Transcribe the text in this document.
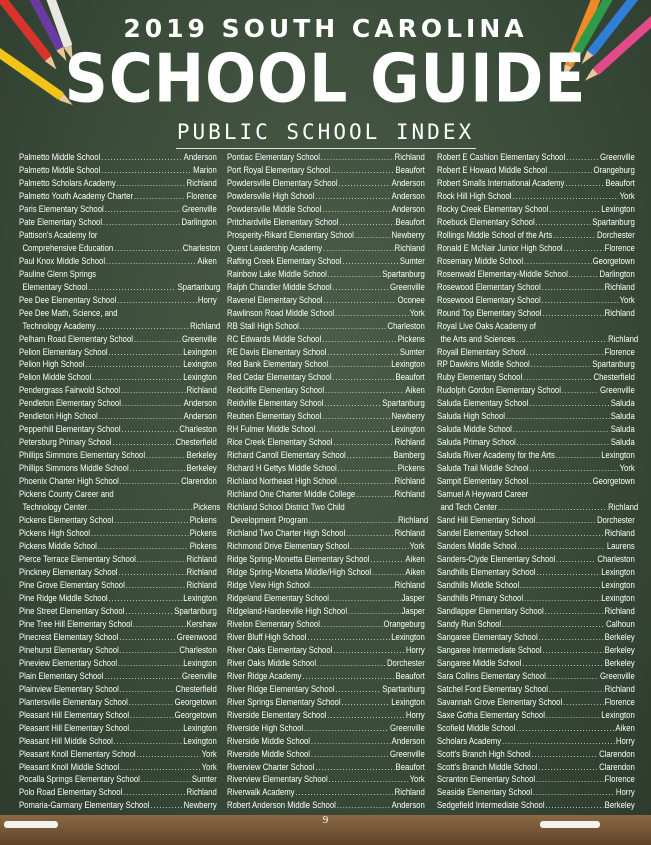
2019 SOUTH CAROLINA
SCHOOL GUIDE
PUBLIC SCHOOL INDEX
Palmetto Middle School .....	Anderson
Palmetto Middle School .....	Marion
Palmetto Scholars Academy .....	Richland
Palmetto Youth Academy Charter .....	Florence
Paris Elementary School .....	Greenville
Pate Elementary School .....	Darlington
Pattison's Academy for
Comprehensive Education .....	Charleston
Paul Knox Middle School .....	Aiken
Pauline Glenn Springs
Elementary School .....	Spartanburg
Pee Dee Elementary School .....	Horry
Pee Dee Math, Science, and
Technology Academy .....	Richland
Pelham Road Elementary School .....	Greenville
Pelion Elementary School .....	Lexington
Pelion High School .....	Lexington
Pelion Middle School .....	Lexington
Pendergrass Fairwold School .....	Richland
Pendleton Elementary School .....	Anderson
Pendleton High School .....	Anderson
Pepperhill Elementary School .....	Charleston
Petersburg Primary School .....	Chesterfield
Phillips Simmons Elementary School .....	Berkeley
Phillips Simmons Middle School .....	Berkeley
Phoenix Charter High School .....	Clarendon
Pickens County Career and
Technology Center .....	Pickens
Pickens Elementary School .....	Pickens
Pickens High School .....	Pickens
Pickens Middle School .....	Pickens
Pierce Terrace Elementary School .....	Richland
Pinckney Elementary School .....	Richland
Pine Grove Elementary School .....	Richland
Pine Ridge Middle School .....	Lexington
Pine Street Elementary School .....	Spartanburg
Pine Tree Hill Elementary School .....	Kershaw
Pinecrest Elementary School .....	Greenwood
Pinehurst Elementary School .....	Charleston
Pineview Elementary School .....	Lexington
Plain Elementary School .....	Greenville
Plainview Elementary School .....	Chesterfield
Plantersville Elementary School .....	Georgetown
Pleasant Hill Elementary School .....	Georgetown
Pleasant Hill Elementary School .....	Lexington
Pleasant Hill Middle School .....	Lexington
Pleasant Knoll Elementary School .....	York
Pleasant Knoll Middle School .....	York
Pocalla Springs Elementary School .....	Sumter
Polo Road Elementary School .....	Richland
Pomaria-Garmany Elementary School .....	Newberry
Pontiac Elementary School .....	Richland
Port Royal Elementary School .....	Beaufort
Powdersville Elementary School .....	Anderson
Powdersville High School .....	Anderson
Powdersville Middle School .....	Anderson
Pritchardville Elementary School .....	Beaufort
Prosperity-Rikard Elementary School .....	Newberry
Quest Leadership Academy .....	Richland
Rafting Creek Elementary School .....	Sumter
Rainbow Lake Middle School .....	Spartanburg
Ralph Chandler Middle School .....	Greenville
Ravenel Elementary School .....	Oconee
Rawlinson Road Middle School .....	York
RB Stall High School .....	Charleston
RC Edwards Middle School .....	Pickens
RE Davis Elementary School .....	Sumter
Red Bank Elementary School .....	Lexington
Red Cedar Elementary School .....	Beaufort
Redcliffe Elementary School .....	Aiken
Reidville Elementary School .....	Spartanburg
Reuben Elementary School .....	Newberry
RH Fulmer Middle School .....	Lexington
Rice Creek Elementary School .....	Richland
Richard Carroll Elementary School .....	Bamberg
Richard H Gettys Middle School .....	Pickens
Richland Northeast High School .....	Richland
Richland One Charter Middle College .....	Richland
Richland School District Two Child
Development Program .....	Richland
Richland Two Charter High School .....	Richland
Richmond Drive Elementary School .....	York
Ridge Spring-Monetta Elementary School .....	Aiken
Ridge Spring-Monetta Middle/High School .....	Aiken
Ridge View High School .....	Richland
Ridgeland Elementary School .....	Jasper
Ridgeland-Hardeeville High School .....	Jasper
Rivelon Elementary School .....	Orangeburg
River Bluff High School .....	Lexington
River Oaks Elementary School .....	Horry
River Oaks Middle School .....	Dorchester
River Ridge Academy .....	Beaufort
River Ridge Elementary School .....	Spartanburg
River Springs Elementary School .....	Lexington
Riverside Elementary School .....	Horry
Riverside High School .....	Greenville
Riverside Middle School .....	Anderson
Riverside Middle School .....	Greenville
Riverview Charter School .....	Beaufort
Riverview Elementary School .....	York
Riverwalk Academy .....	Richland
Robert Anderson Middle School .....	Anderson
Robert E Cashion Elementary School .....	Greenville
Robert E Howard Middle School .....	Orangeburg
Robert Smalls International Academy .....	Beaufort
Rock Hill High School .....	York
Rocky Creek Elementary School .....	Lexington
Roebuck Elementary School .....	Spartanburg
Rollings Middle School of the Arts .....	Dorchester
Ronald E McNair Junior High School .....	Florence
Rosemary Middle School .....	Georgetown
Rosenwald Elementary-Middle School .....	Darlington
Rosewood Elementary School .....	Richland
Rosewood Elementary School .....	York
Round Top Elementary School .....	Richland
Royal Live Oaks Academy of
the Arts and Sciences .....	Richland
Royall Elementary School .....	Florence
RP Dawkins Middle School .....	Spartanburg
Ruby Elementary School .....	Chesterfield
Rudolph Gordon Elementary School .....	Greenville
Saluda Elementary School .....	Saluda
Saluda High School .....	Saluda
Saluda Middle School .....	Saluda
Saluda Primary School .....	Saluda
Saluda River Academy for the Arts .....	Lexington
Saluda Trail Middle School .....	York
Sampit Elementary School .....	Georgetown
Samuel A Heyward Career
and Tech Center .....	Richland
Sand Hill Elementary School .....	Dorchester
Sandel Elementary School .....	Richland
Sanders Middle School .....	Laurens
Sanders-Clyde Elementary School .....	Charleston
Sandhills Elementary School .....	Lexington
Sandhills Middle School .....	Lexington
Sandhills Primary School .....	Lexington
Sandlapper Elementary School .....	Richland
Sandy Run School .....	Calhoun
Sangaree Elementary School .....	Berkeley
Sangaree Intermediate School .....	Berkeley
Sangaree Middle School .....	Berkeley
Sara Collins Elementary School .....	Greenville
Satchel Ford Elementary School .....	Richland
Savannah Grove Elementary School .....	Florence
Saxe Gotha Elementary School .....	Lexington
Scofield Middle School .....	Aiken
Scholars Academy .....	Horry
Scott's Branch High School .....	Clarendon
Scott's Branch Middle School .....	Clarendon
Scranton Elementary School .....	Florence
Seaside Elementary School .....	Horry
Sedgefield Intermediate School .....	Berkeley
9
